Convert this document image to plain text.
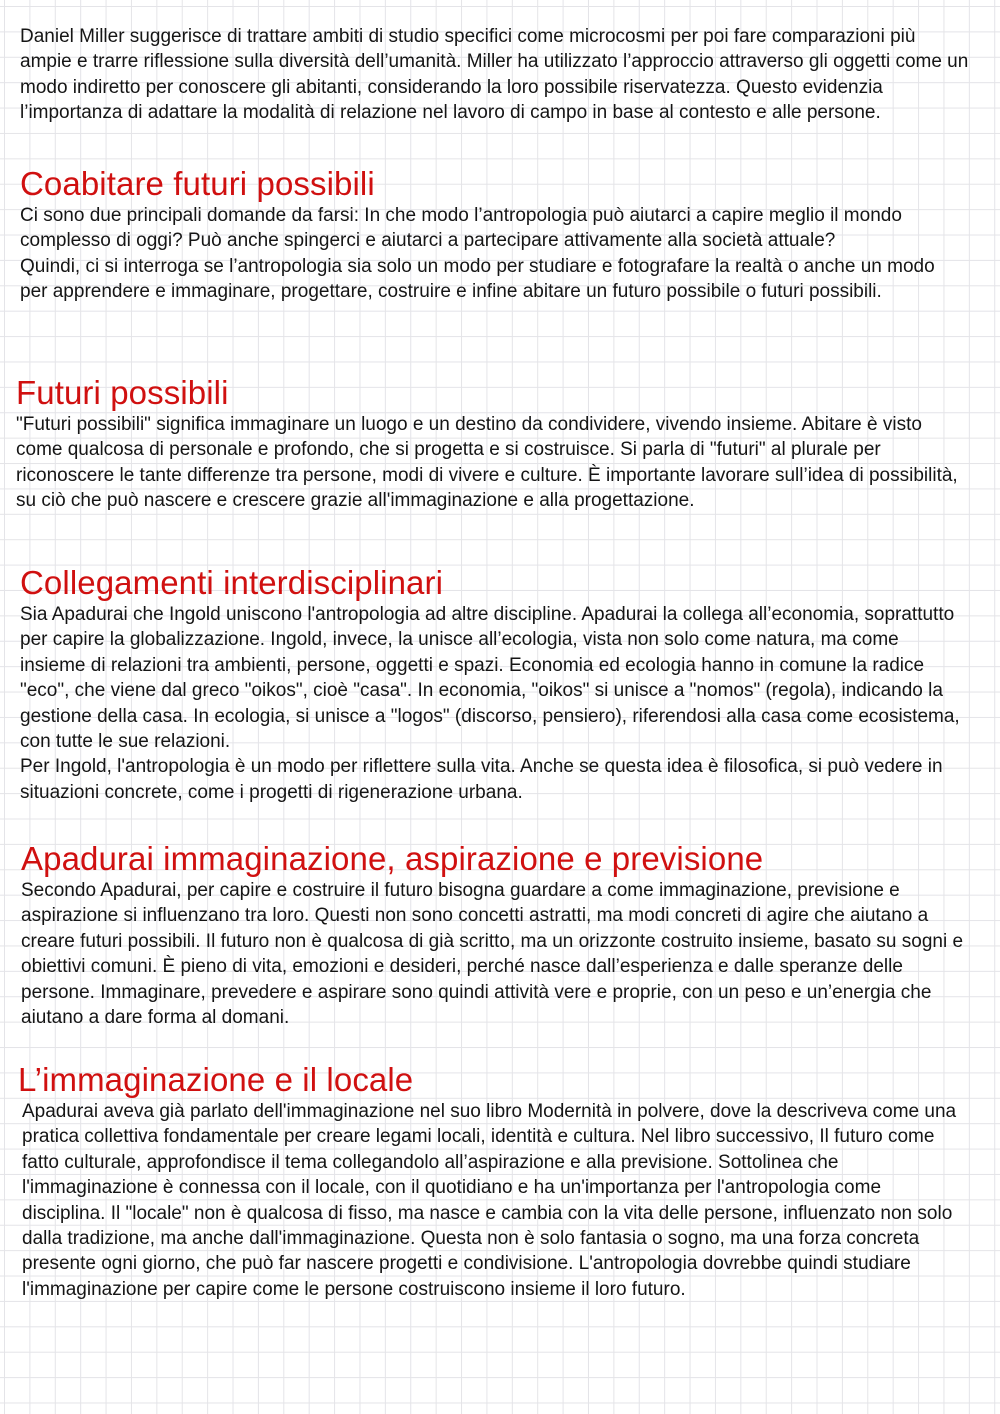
Daniel Miller suggerisce di trattare ambiti di studio specifici come microcosmi per poi fare comparazioni più ampie e trarre riflessione sulla diversità dell’umanità. Miller ha utilizzato l’approccio attraverso gli oggetti come un modo indiretto per conoscere gli abitanti, considerando la loro possibile riservatezza. Questo evidenzia l’importanza di adattare la modalità di relazione nel lavoro di campo in base al contesto e alle persone.

Coabitare futuri possibili

Ci sono due principali domande da farsi: In che modo l’antropologia può aiutarci a capire meglio il mondo complesso di oggi? Può anche spingerci e aiutarci a partecipare attivamente alla società attuale?

Quindi, ci si interroga se l’antropologia sia solo un modo per studiare e fotografare la realtà o anche un modo per apprendere e immaginare, progettare, costruire e infine abitare un futuro possibile o futuri possibili.

Futuri possibili

"Futuri possibili" significa immaginare un luogo e un destino da condividere, vivendo insieme. Abitare è visto come qualcosa di personale e profondo, che si progetta e si costruisce. Si parla di "futuri" al plurale per riconoscere le tante differenze tra persone, modi di vivere e culture. È importante lavorare sull’idea di possibilità, su ciò che può nascere e crescere grazie all'immaginazione e alla progettazione.

Collegamenti interdisciplinari

Sia Apadurai che Ingold uniscono l'antropologia ad altre discipline. Apadurai la collega all’economia, soprattutto per capire la globalizzazione. Ingold, invece, la unisce all’ecologia, vista non solo come natura, ma come insieme di relazioni tra ambienti, persone, oggetti e spazi. Economia ed ecologia hanno in comune la radice "eco", che viene dal greco "oikos", cioè "casa". In economia, "oikos" si unisce a "nomos" (regola), indicando la gestione della casa. In ecologia, si unisce a "logos" (discorso, pensiero), riferendosi alla casa come ecosistema, con tutte le sue relazioni.

Per Ingold, l'antropologia è un modo per riflettere sulla vita. Anche se questa idea è filosofica, si può vedere in situazioni concrete, come i progetti di rigenerazione urbana.

Apadurai immaginazione, aspirazione e previsione

Secondo Apadurai, per capire e costruire il futuro bisogna guardare a come immaginazione, previsione e aspirazione si influenzano tra loro. Questi non sono concetti astratti, ma modi concreti di agire che aiutano a creare futuri possibili. Il futuro non è qualcosa di già scritto, ma un orizzonte costruito insieme, basato su sogni e obiettivi comuni. È pieno di vita, emozioni e desideri, perché nasce dall’esperienza e dalle speranze delle persone. Immaginare, prevedere e aspirare sono quindi attività vere e proprie, con un peso e un’energia che aiutano a dare forma al domani.

L’immaginazione e il locale

Apadurai aveva già parlato dell'immaginazione nel suo libro Modernità in polvere, dove la descriveva come una pratica collettiva fondamentale per creare legami locali, identità e cultura. Nel libro successivo, Il futuro come fatto culturale, approfondisce il tema collegandolo all’aspirazione e alla previsione. Sottolinea che l'immaginazione è connessa con il locale, con il quotidiano e ha un'importanza per l'antropologia come disciplina. Il "locale" non è qualcosa di fisso, ma nasce e cambia con la vita delle persone, influenzato non solo dalla tradizione, ma anche dall'immaginazione. Questa non è solo fantasia o sogno, ma una forza concreta presente ogni giorno, che può far nascere progetti e condivisione. L'antropologia dovrebbe quindi studiare l'immaginazione per capire come le persone costruiscono insieme il loro futuro.
